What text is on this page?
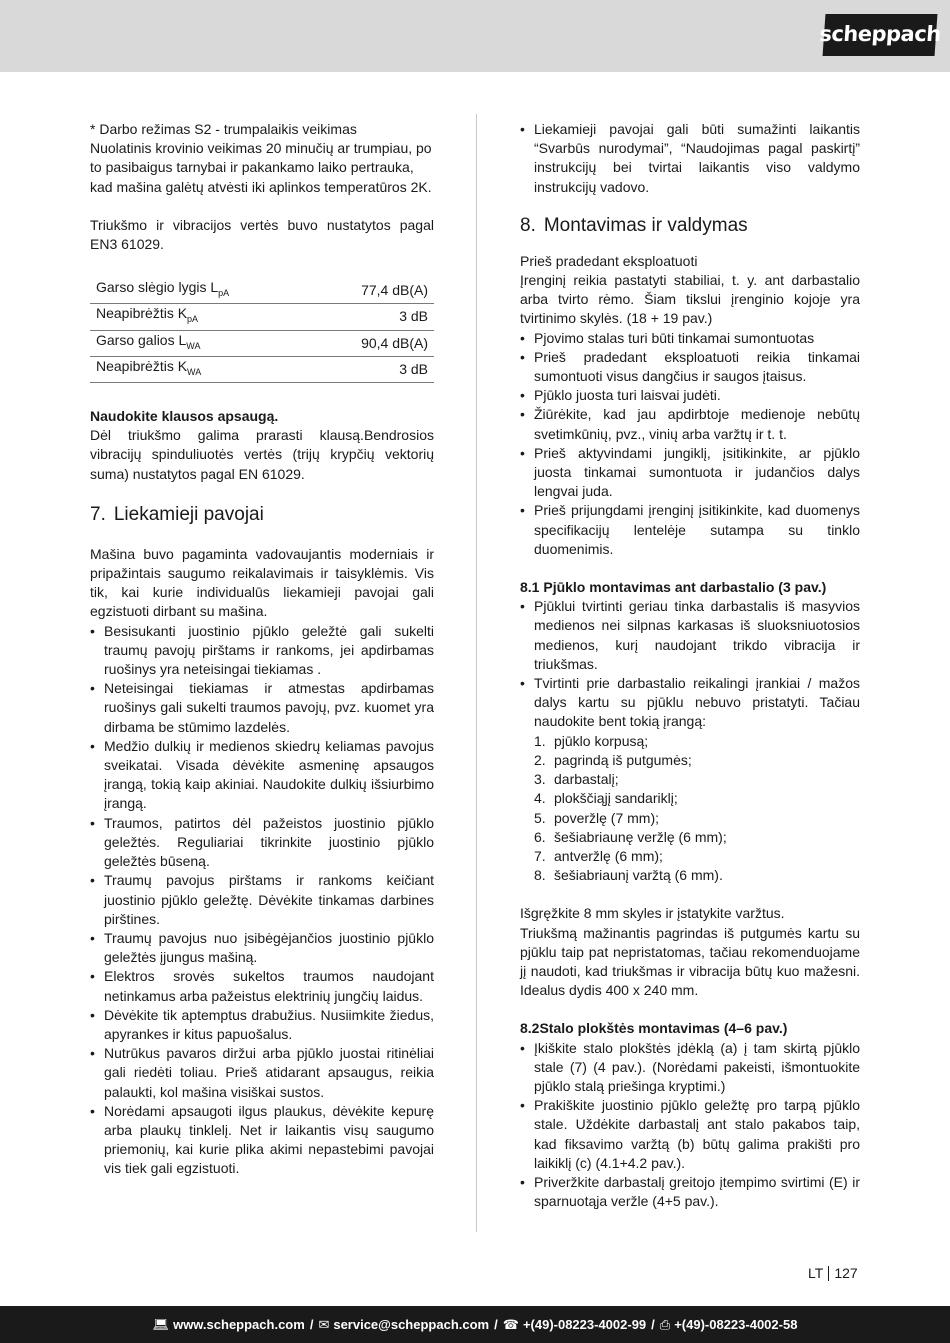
scheppach

* Darbo režimas S2 - trumpalaikis veikimas
Nuolatinis krovinio veikimas 20 minučių ar trumpiau, po to pasibaigus tarnybai ir pakankamo laiko pertrauka, kad mašina galėtų atvėsti iki aplinkos temperatūros 2K.

Triukšmo ir vibracijos vertės buvo nustatytos pagal EN3 61029.

Garso slėgio lygis $L_{pA}$	77,4 dB(A)
Neapibrėžtis $K_{pA}$	3 dB
Garso galios $L_{WA}$	90,4 dB(A)
Neapibrėžtis $K_{WA}$	3 dB

Naudokite klausos apsaugą.

Dėl triukšmo galima prarasti klausą.Bendrosios vibracijų spinduliuotės vertės (trijų krypčių vektorių suma) nustatytos pagal EN 61029.

7. Liekamieji pavojai

Mašina buvo pagaminta vadovaujantis moderniais ir pripažintais saugumo reikalavimais ir taisyklėmis. Vis tik, kai kurie individualūs liekamieji pavojai gali egzistuoti dirbant su mašina.

• Besisukanti juostinio pjūklo geležtė gali sukelti traumų pavojų pirštams ir rankoms, jei apdirbamas ruošinys yra neteisingai tiekiamas .
• Neteisingai tiekiamas ir atmestas apdirbamas ruošinys gali sukelti traumos pavojų, pvz. kuomet yra dirbama be stūmimo lazdelės.
• Medžio dulkių ir medienos skiedrų keliamas pavojus sveikatai. Visada dėvėkite asmeninę apsaugos įrangą, tokią kaip akiniai. Naudokite dulkių išsiurbimo įrangą.
• Traumos, patirtos dėl pažeistos juostinio pjūklo geležtės. Reguliariai tikrinkite juostinio pjūklo geležtės būseną.
• Traumų pavojus pirštams ir rankoms keičiant juostinio pjūklo geležtę. Dėvėkite tinkamas darbines pirštines.
• Traumų pavojus nuo įsibėgėjančios juostinio pjūklo geležtės įjungus mašiną.
• Elektros srovės sukeltos traumos naudojant netinkamus arba pažeistus elektrinių jungčių laidus.
• Dėvėkite tik aptemptus drabužius. Nusiimkite žiedus, apyrankes ir kitus papuošalus.
• Nutrūkus pavaros diržui arba pjūklo juostai ritinėliai gali riedėti toliau. Prieš atidarant apsaugus, reikia palaukti, kol mašina visiškai sustos.
• Norėdami apsaugoti ilgus plaukus, dėvėkite kepurę arba plaukų tinklelį. Net ir laikantis visų saugumo priemonių, kai kurie plika akimi nepastebimi pavojai vis tiek gali egzistuoti.
• Liekamieji pavojai gali būti sumažinti laikantis “Svarbūs nurodymai”, “Naudojimas pagal paskirtį” instrukcijų bei tvirtai laikantis viso valdymo instrukcijų vadovo.
8. Montavimas ir valdymas

Prieš pradedant eksploatuoti

Įrenginį reikia pastatyti stabiliai, t. y. ant darbastalio arba tvirto rėmo. Šiam tikslui įrenginio kojoje yra tvirtinimo skylės. (18 + 19 pav.)

• Pjovimo stalas turi būti tinkamai sumontuotas
• Prieš pradedant eksploatuoti reikia tinkamai sumontuoti visus dangčius ir saugos įtaisus.
• Pjūklo juosta turi laisvai judėti.
• Žiūrėkite, kad jau apdirbtoje medienoje nebūtų svetimkūnių, pvz., vinių arba varžtų ir t. t.
• Prieš aktyvindami jungiklį, įsitikinkite, ar pjūklo juosta tinkamai sumontuota ir judančios dalys lengvai juda.
• Prieš prijungdami įrenginį įsitikinkite, kad duomenys specifikacijų lentelėje sutampa su tinklo duomenimis.
8.1 Pjūklo montavimas ant darbastalio (3 pav.)
• Pjūklui tvirtinti geriau tinka darbastalis iš masyvios medienos nei silpnas karkasas iš sluoksniuotosios medienos, kurį naudojant trikdo vibracija ir triukšmas.
• Tvirtinti prie darbastalio reikalingi įrankiai / mažos dalys kartu su pjūklu nebuvo pristatyti. Tačiau naudokite bent tokią įrangą:
1. pjūklo korpusą;
2. pagrindą iš putgumės;
3. darbastalį;
4. plokščiąjį sandariklį;
5. poveržlę (7 mm);
6. šešiabriaunę veržlę (6 mm);
7. antveržlę (6 mm);
8. šešiabriaunį varžtą (6 mm).

Išgręžkite 8 mm skyles ir įstatykite varžtus.
Triukšmą mažinantis pagrindas iš putgumės kartu su pjūklu taip pat nepristatomas, tačiau rekomenduojame jį naudoti, kad triukšmas ir vibracija būtų kuo mažesni. Idealus dydis 400 x 240 mm.

8.2Stalo plokštės montavimas (4–6 pav.)
• Įkiškite stalo plokštės įdėklą (a) į tam skirtą pjūklo stale (7) (4 pav.). (Norėdami pakeisti, išmontuokite pjūklo stalą priešinga kryptimi.)
• Prakiškite juostinio pjūklo geležtę pro tarpą pjūklo stale. Uždėkite darbastalį ant stalo pakabos taip, kad fiksavimo varžtą (b) būtų galima prakišti pro laikiklį (c) (4.1+4.2 pav.).
• Priveržkite darbastalį greitojo įtempimo svirtimi (E) ir sparnuotąja veržle (4+5 pav.).
LT 127
💻︎ www.scheppach.com / ✉︎ service@scheppach.com / ☎︎ +(49)-08223-4002-99 / ⎙ +(49)-08223-4002-58
